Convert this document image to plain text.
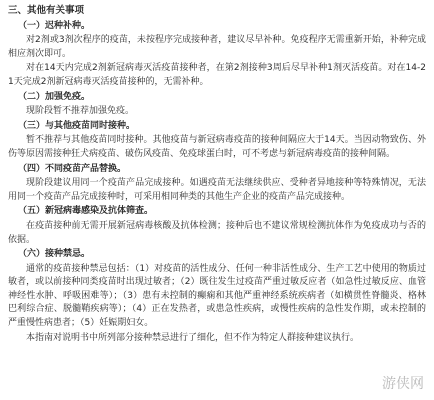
三、其他有关事项
（一）迟种补种。
对2剂或3剂次程序的疫苗，未按程序完成接种者，建议尽早补种。免疫程序无需重新开始，补种完成相应剂次即可。
对在14天内完成2剂新冠病毒灭活疫苗接种者，在第2剂接种3周后尽早补种1剂灭活疫苗。对在14-21天完成2剂新冠病毒灭活疫苗接种的，无需补种。
（二）加强免疫。
现阶段暂不推荐加强免疫。
（三）与其他疫苗同时接种。
暂不推荐与其他疫苗同时接种。其他疫苗与新冠病毒疫苗的接种间隔应大于14天。当因动物致伤、外伤等原因需接种狂犬病疫苗、破伤风疫苗、免疫球蛋白时，可不考虑与新冠病毒疫苗的接种间隔。
（四）不同疫苗产品替换。
现阶段建议用同一个疫苗产品完成接种。如遇疫苗无法继续供应、受种者异地接种等特殊情况，无法用同一个疫苗产品完成接种时，可采用相同种类的其他生产企业的疫苗产品完成接种。
（五）新冠病毒感染及抗体筛查。
在疫苗接种前无需开展新冠病毒核酸及抗体检测；接种后也不建议常规检测抗体作为免疫成功与否的依据。
（六）接种禁忌。
通常的疫苗接种禁忌包括：（1）对疫苗的活性成分、任何一种非活性成分、生产工艺中使用的物质过敏者，或以前接种同类疫苗时出现过敏者；（2）既往发生过疫苗严重过敏反应者（如急性过敏反应、血管神经性水肿、呼吸困难等）；（3）患有未控制的癫痫和其他严重神经系统疾病者（如横贯性脊髓炎、格林巴利综合症、脱髓鞘疾病等）；（4）正在发热者，或患急性疾病，或慢性疾病的急性发作期，或未控制的严重慢性病患者；（5）妊娠期妇女。
本指南对说明书中所列部分接种禁忌进行了细化，但不作为特定人群接种建议执行。
游侠网
